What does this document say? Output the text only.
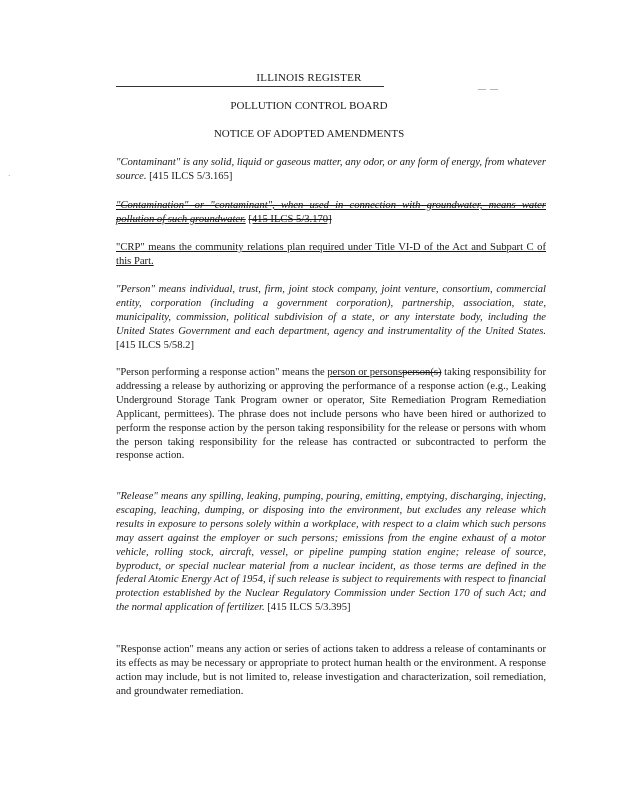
ILLINOIS REGISTER
— —
POLLUTION CONTROL BOARD
NOTICE OF ADOPTED AMENDMENTS
·

"Contaminant" is any solid, liquid or gaseous matter, any odor, or any form of energy, from whatever source. [415 ILCS 5/3.165]

"Contamination" or "contaminant", when used in connection with groundwater, means water pollution of such groundwater. [415 ILCS 5/3.170]

"CRP" means the community relations plan required under Title VI-D of the Act and Subpart C of this Part.

"Person" means individual, trust, firm, joint stock company, joint venture, consortium, commercial entity, corporation (including a government corporation), partnership, association, state, municipality, commission, political subdivision of a state, or any interstate body, including the United States Government and each department, agency and instrumentality of the United States. [415 ILCS 5/58.2]

"Person performing a response action" means the person or personsperson(s) taking responsibility for addressing a release by authorizing or approving the performance of a response action (e.g., Leaking Underground Storage Tank Program owner or operator, Site Remediation Program Remediation Applicant, permittees). The phrase does not include persons who have been hired or authorized to perform the response action by the person taking responsibility for the release or persons with whom the person taking responsibility for the release has contracted or subcontracted to perform the response action.

"Release" means any spilling, leaking, pumping, pouring, emitting, emptying, discharging, injecting, escaping, leaching, dumping, or disposing into the environment, but excludes any release which results in exposure to persons solely within a workplace, with respect to a claim which such persons may assert against the employer or such persons; emissions from the engine exhaust of a motor vehicle, rolling stock, aircraft, vessel, or pipeline pumping station engine; release of source, byproduct, or special nuclear material from a nuclear incident, as those terms are defined in the federal Atomic Energy Act of 1954, if such release is subject to requirements with respect to financial protection established by the Nuclear Regulatory Commission under Section 170 of such Act; and the normal application of fertilizer. [415 ILCS 5/3.395]

"Response action" means any action or series of actions taken to address a release of contaminants or its effects as may be necessary or appropriate to protect human health or the environment. A response action may include, but is not limited to, release investigation and characterization, soil remediation, and groundwater remediation.
